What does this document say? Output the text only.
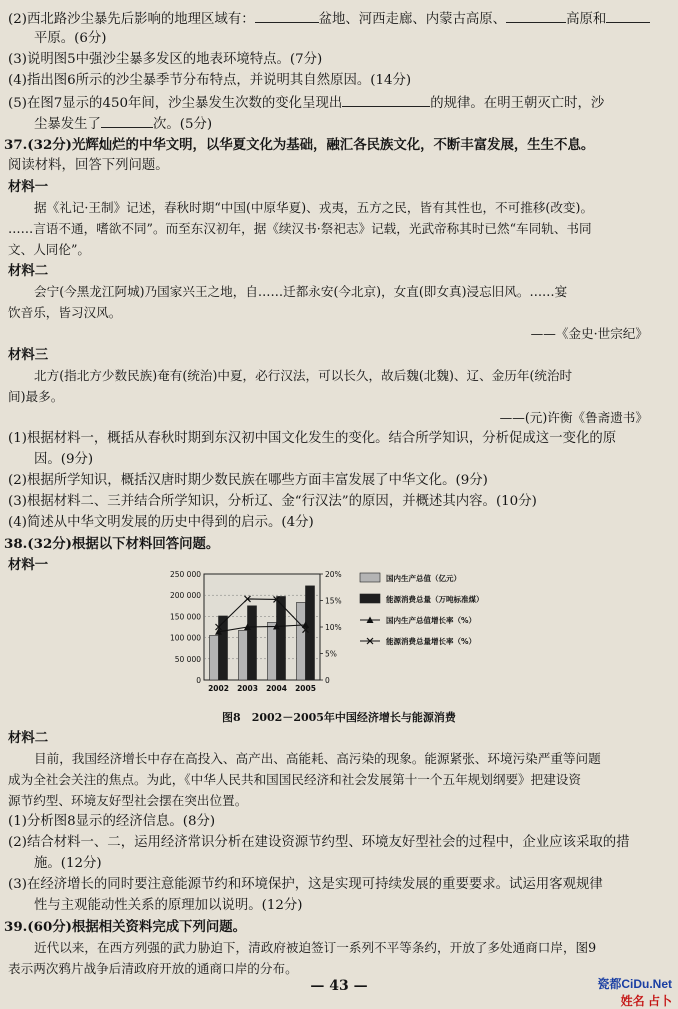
(2)西北路沙尘暴先后影响的地理区域有：	盆地、河西走廊、内蒙古高原、	高原和
平原。(6分)
(3)说明图5中强沙尘暴多发区的地表环境特点。(7分)
(4)指出图6所示的沙尘暴季节分布特点，并说明其自然原因。(14分)
(5)在图7显示的450年间，沙尘暴发生次数的变化呈现出	的规律。在明王朝灭亡时，沙
尘暴发生了	次。(5分)
37.(32分)光辉灿烂的中华文明，以华夏文化为基础，融汇各民族文化，不断丰富发展，生生不息。
阅读材料，回答下列问题。
材料一
据《礼记·王制》记述，春秋时期“中国(中原华夏)、戎夷，五方之民，皆有其性也，不可推移(改变)。
……言语不通，嗜欲不同”。而至东汉初年，据《续汉书·祭祀志》记载，光武帝称其时已然“车同轨、书同
文、人同伦”。
材料二
会宁(今黑龙江阿城)乃国家兴王之地，自……迁都永安(今北京)，女直(即女真)浸忘旧风。……宴
饮音乐，皆习汉风。
——《金史·世宗纪》
材料三
北方(指北方少数民族)奄有(统治)中夏，必行汉法，可以长久，故后魏(北魏)、辽、金历年(统治时
间)最多。
——(元)许衡《鲁斋遗书》
(1)根据材料一，概括从春秋时期到东汉初中国文化发生的变化。结合所学知识，分析促成这一变化的原
因。(9分)
(2)根据所学知识，概括汉唐时期少数民族在哪些方面丰富发展了中华文化。(9分)
(3)根据材料二、三并结合所学知识，分析辽、金“行汉法”的原因，并概述其内容。(10分)
(4)简述从中华文明发展的历史中得到的启示。(4分)
38.(32分)根据以下材料回答问题。
材料一
250 000
200 000
150 000
100 000
50 000
0
20%
15%
10%
5%
0
2002 2003 2004 2005
国内生产总值（亿元）
能源消费总量（万吨标准煤）
国内生产总值增长率（%）
能源消费总量增长率（%）
图8　2002－2005年中国经济增长与能源消费
材料二
目前，我国经济增长中存在高投入、高产出、高能耗、高污染的现象。能源紧张、环境污染严重等问题
成为全社会关注的焦点。为此，《中华人民共和国国民经济和社会发展第十一个五年规划纲要》把建设资
源节约型、环境友好型社会摆在突出位置。
(1)分析图8显示的经济信息。(8分)
(2)结合材料一、二，运用经济常识分析在建设资源节约型、环境友好型社会的过程中，企业应该采取的措
施。(12分)
(3)在经济增长的同时要注意能源节约和环境保护，这是实现可持续发展的重要要求。试运用客观规律
性与主观能动性关系的原理加以说明。(12分)
39.(60分)根据相关资料完成下列问题。
近代以来，在西方列强的武力胁迫下，清政府被迫签订一系列不平等条约，开放了多处通商口岸，图9
表示两次鸦片战争后清政府开放的通商口岸的分布。
— 43 —	瓷都CiDu.Net
姓名 占卜
